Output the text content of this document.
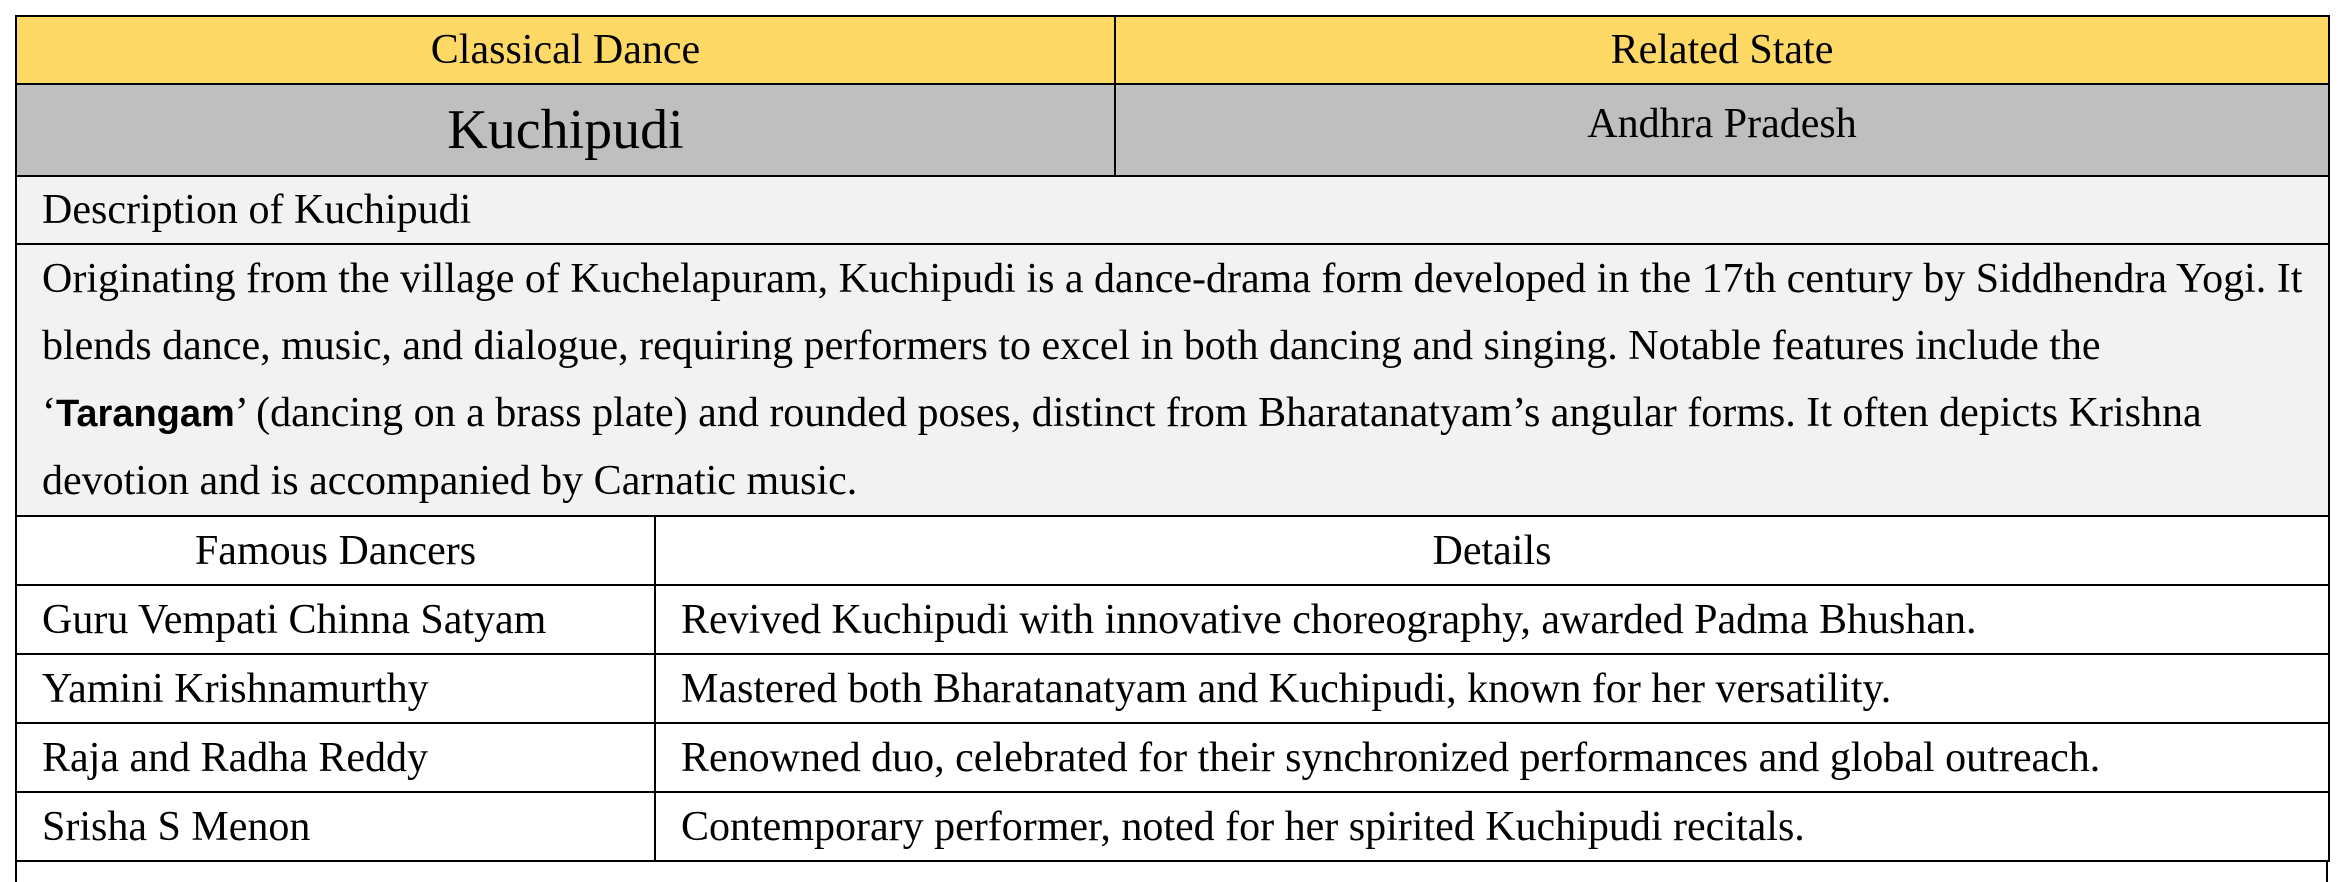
Classical Dance	Related State
Kuchipudi	Andhra Pradesh
Description of Kuchipudi	
Originating from the village of Kuchelapuram, Kuchipudi is a dance-drama form developed in the 17th century by Siddhendra Yogi. It blends dance, music, and dialogue, requiring performers to excel in both dancing and singing. Notable features include the ‘Tarangam’ (dancing on a brass plate) and rounded poses, distinct from Bharatanatyam’s angular forms. It often depicts Krishna devotion and is accompanied by Carnatic music.	
Famous Dancers	Details
Guru Vempati Chinna Satyam	Revived Kuchipudi with innovative choreography, awarded Padma Bhushan.
Yamini Krishnamurthy	Mastered both Bharatanatyam and Kuchipudi, known for her versatility.
Raja and Radha Reddy	Renowned duo, celebrated for their synchronized performances and global outreach.
Srisha S Menon	Contemporary performer, noted for her spirited Kuchipudi recitals.
